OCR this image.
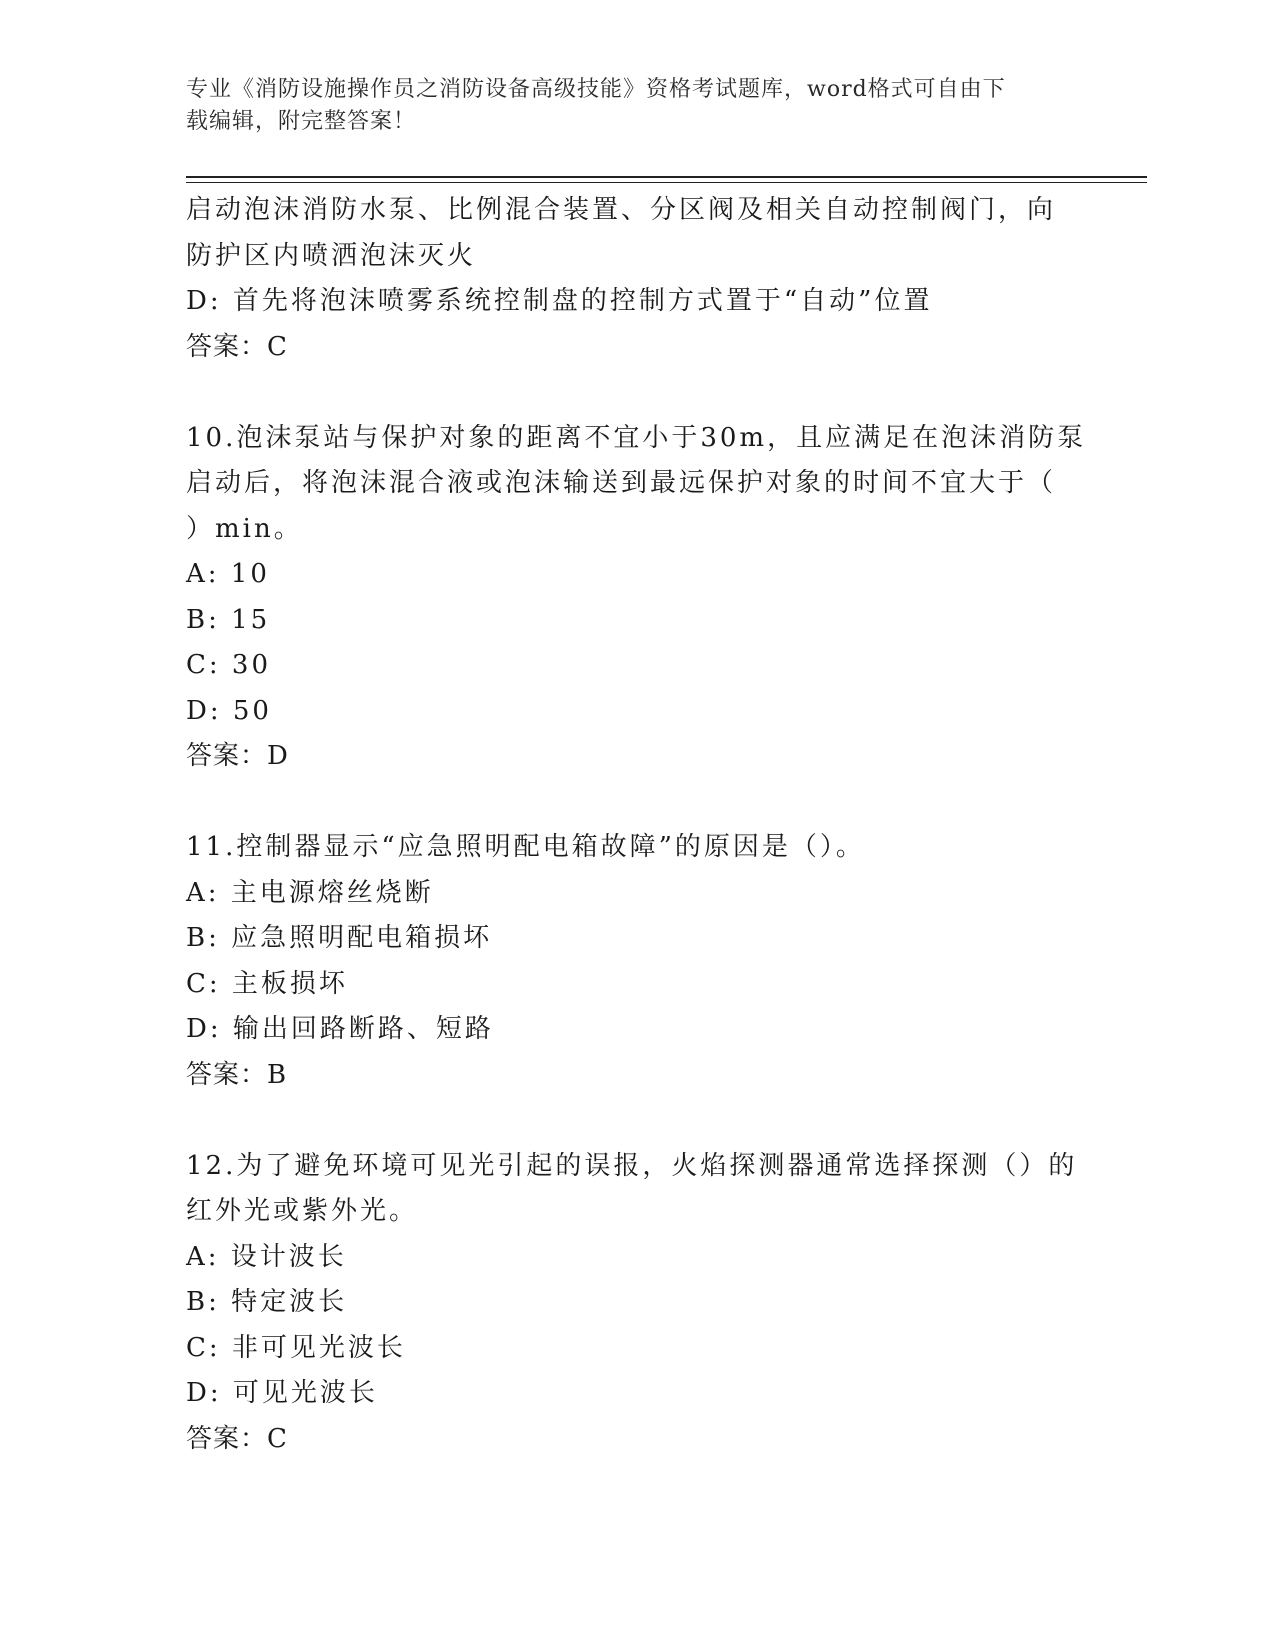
专业《消防设施操作员之消防设备高级技能》资格考试题库，word格式可自由下
载编辑，附完整答案！
启动泡沫消防水泵、比例混合装置、分区阀及相关自动控制阀门，向
防护区内喷洒泡沫灭火
D: 首先将泡沫喷雾系统控制盘的控制方式置于“自动”位置
答案：C
10.泡沫泵站与保护对象的距离不宜小于30m，且应满足在泡沫消防泵
启动后，将泡沫混合液或泡沫输送到最远保护对象的时间不宜大于（
）min。
A: 10
B: 15
C: 30
D: 50
答案：D
11.控制器显示“应急照明配电箱故障”的原因是（）。
A: 主电源熔丝烧断
B: 应急照明配电箱损坏
C: 主板损坏
D: 输出回路断路、短路
答案：B
12.为了避免环境可见光引起的误报，火焰探测器通常选择探测（）的
红外光或紫外光。
A: 设计波长
B: 特定波长
C: 非可见光波长
D: 可见光波长
答案：C
